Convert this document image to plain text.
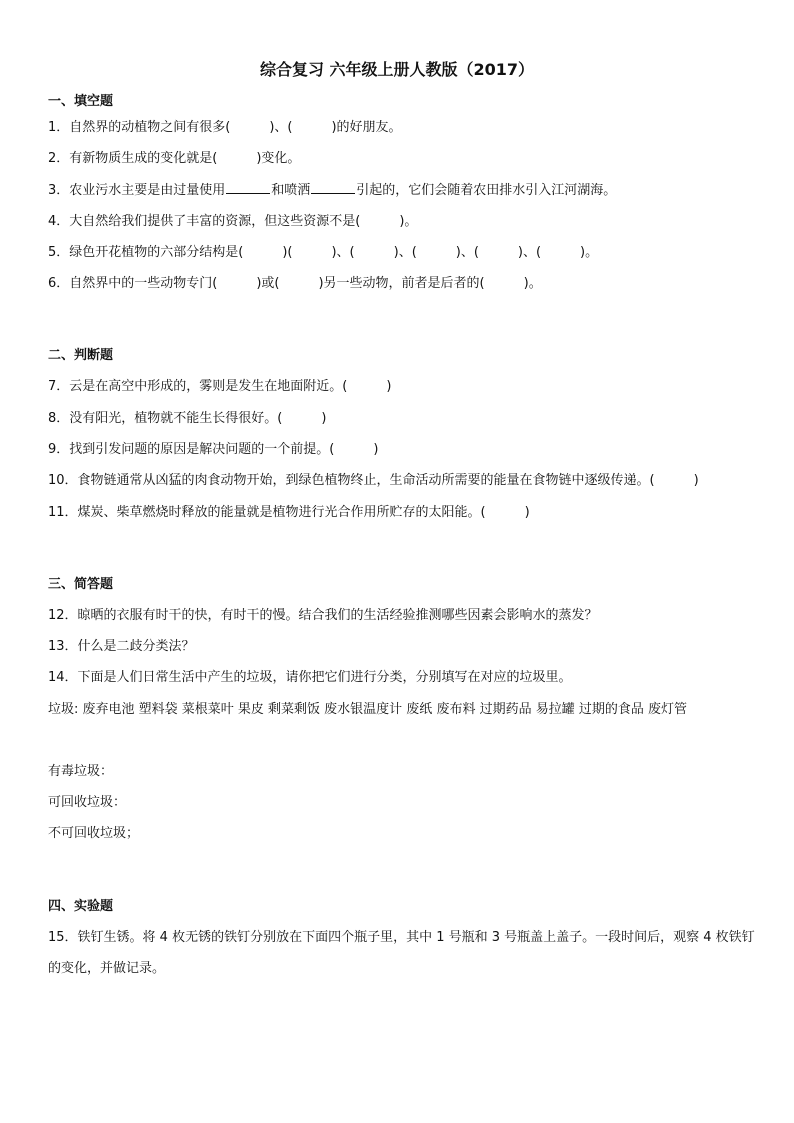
综合复习 六年级上册人教版（2017）
一、填空题
1．自然界的动植物之间有很多(　　　)、(　　　)的好朋友。
2．有新物质生成的变化就是(　　　)变化。
3．农业污水主要是由过量使用	和喷洒	引起的，它们会随着农田排水引入江河湖海。
4．大自然给我们提供了丰富的资源，但这些资源不是(　　　)。
5．绿色开花植物的六部分结构是(　　　)(　　　)、(　　　)、(　　　)、(　　　)、(　　　)。
6．自然界中的一些动物专门(　　　)或(　　　)另一些动物，前者是后者的(　　　)。
二、判断题
7．云是在高空中形成的，雾则是发生在地面附近。(　　　)
8．没有阳光，植物就不能生长得很好。(　　　)
9．找到引发问题的原因是解决问题的一个前提。(　　　)
10．食物链通常从凶猛的肉食动物开始，到绿色植物终止，生命活动所需要的能量在食物链中逐级传递。(　　　)
11．煤炭、柴草燃烧时释放的能量就是植物进行光合作用所贮存的太阳能。(　　　)
三、简答题
12．晾晒的衣服有时干的快，有时干的慢。结合我们的生活经验推测哪些因素会影响水的蒸发？
13．什么是二歧分类法？
14．下面是人们日常生活中产生的垃圾，请你把它们进行分类，分别填写在对应的垃圾里。
垃圾: 废弃电池 塑料袋 菜根菜叶 果皮 剩菜剩饭 废水银温度计 废纸 废布料 过期药品 易拉罐 过期的食品 废灯管
有毒垃圾：
可回收垃圾：
不可回收垃圾；
四、实验题
15．铁钉生锈。将 4 枚无锈的铁钉分别放在下面四个瓶子里，其中 1 号瓶和 3 号瓶盖上盖子。一段时间后，观察 4 枚铁钉的变化，并做记录。
